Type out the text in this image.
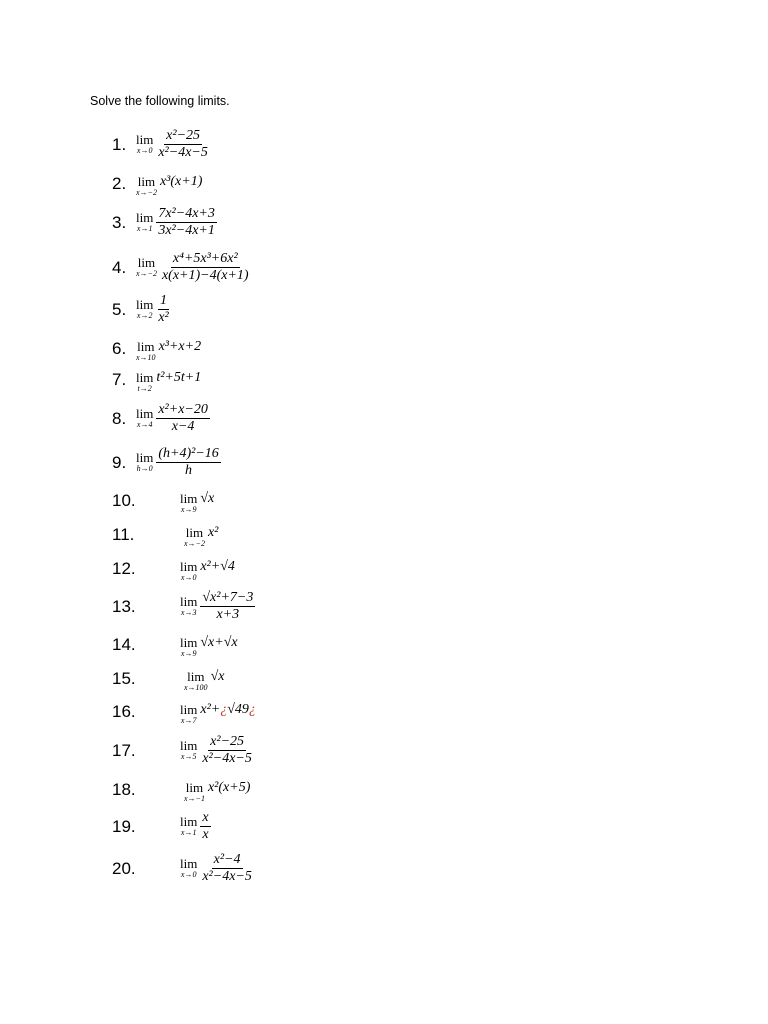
Solve the following limits.
1. lim
$x\to 0 \frac{\text{x²−25}}{\text{x²−4x−5}}$
2. lim
x→−2
x³(x+1)
3. lim
$x\to 1 \frac{\text{7x²−4x+3}}{\text{3x²−4x+1}}$
4. lim
$x\to-2 \frac{\text{x⁴+5x³+6x²}}{x(x+1)-4(x+1)}$
5. lim
$x\to 2 \frac{1}{\text{x²}}$
6. lim
x→10
x³+x+2
7. lim
t→2
t²+5t+1
8. lim
$x\to 4 \frac{\text{x²+x−20}}{x-4}$
9. lim
$h\to 0 \frac{\text{(h+4)²−16}}{h}$
10.	lim
x→9
√x
11.	lim
x→−2
x²
12.	lim
x→0
x²+√4
13.	lim
$x\to 3 \frac{\text{√x²+7−3}}{x+3}$
14.	lim
x→9
√x+√x
15.	lim
x→100
√x
16.	lim
x→7
x²+¿√49¿
17.	lim
$x\to 5 \frac{\text{x²−25}}{\text{x²−4x−5}}$
18.	lim
x→−1
x²(x+5)
19.	lim
$x\to 1 \frac{x}{x}$
20.	lim
$x\to 0 \frac{\text{x²−4}}{\text{x²−4x−5}}$
